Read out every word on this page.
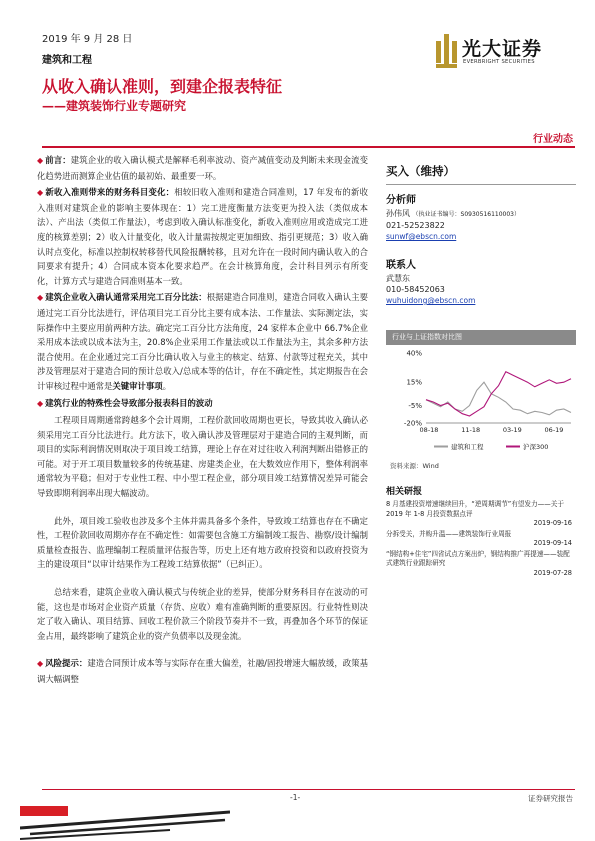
2019 年 9 月 28 日
建筑和工程
光大证券
EVERBRIGHT SECURITIES
从收入确认准则，到建企报表特征
——建筑装饰行业专题研究
行业动态

◆ 前言：建筑企业的收入确认模式是解释毛利率波动、资产减值变动及判断未来现金流变化趋势进而测算企业估值的最初始、最重要一环。

◆ 新收入准则带来的财务科目变化：相较旧收入准则和建造合同准则，17 年发布的新收入准则对建筑企业的影响主要体现在：1）完工进度衡量方法变更为投入法（类似成本法）、产出法（类似工作量法），考虑到收入确认标准变化，新收入准则应用或造成完工进度的核算差别；2）收入计量变化，收入计量需按规定更加细致、指引更规范；3）收入确认时点变化，标准以控制权转移替代风险报酬转移，且对允许在一段时间内确认收入的合同要求有提升；4）合同成本资本化要求趋严。在会计核算角度，会计科目列示有所变化，计算方式与建造合同准则基本一致。

◆ 建筑企业收入确认通常采用完工百分比法：根据建造合同准则，建造合同收入确认主要通过完工百分比法进行，评估项目完工百分比主要有成本法、工作量法、实际测定法，实际操作中主要应用前两种方法。确定完工百分比方法角度，24 家样本企业中 66.7%企业采用成本法或以成本法为主，20.8%企业采用工作量法或以工作量法为主，其余多种方法混合使用。在企业通过完工百分比确认收入与业主的核定、结算、付款等过程充关，其中涉及管理层对于建造合同的预计总收入/总成本等的估计，存在不确定性，其定期报告在会计审核过程中通常是关键审计事项。

◆ 建筑行业的特殊性会导致部分报表科目的波动

工程项目周期通常跨越多个会计周期，工程价款回收周期也更长，导致其收入确认必须采用完工百分比法进行。此方法下，收入确认涉及管理层对于建造合同的主观判断，而项目的实际利润情况则取决于项目竣工结算，理论上存在对过往收入利润判断出错修正的可能。对于开工项目数量较多的传统基建、房建类企业，在大数效应作用下，整体利润率通常较为平稳；但对于专业性工程、中小型工程企业，部分项目竣工结算情况差异可能会导致即期利润率出现大幅波动。

此外，项目竣工验收也涉及多个主体并需具备多个条件，导致竣工结算也存在不确定性，工程价款回收周期亦存在不确定性：如需要包含施工方编制竣工报告、勘察/设计编制质量检查报告、监理编制工程质量评估报告等，历史上还有地方政府投资和以政府投资为主的建设项目“以审计结果作为工程竣工结算依据”（已纠正）。

总结来看，建筑企业收入确认模式与传统企业的差异，使部分财务科目存在波动的可能，这也是市场对企业资产质量（存货、应收）难有准确判断的重要原因。行业特性则决定了收入确认、项目结算、回收工程价款三个阶段节奏并不一致，再叠加各个环节的保证金占用，最终影响了建筑企业的资产负债率以及现金流。

◆ 风险提示：建造合同预计成本等与实际存在重大偏差，社融/固投增速大幅放缓，政策基调大幅调整

买入（维持）
分析师
孙伟风 （执业证书编号：S0930516110003）
021-52523822
sunwf@ebscn.com
联系人
武慧东
010-58452063
wuhuidong@ebscn.com
行业与上证指数对比图
40%
15%
-5%
-20%
08-18	11-18	03-19	06-19
建筑和工程	沪深300
资料来源：Wind
相关研报
8 月基建投资增速继续回升，“逆周期调节”有望发力——关于 2019 年 1-8 月投资数据点评
2019-09-16
分拆受关，并购升温——建筑装饰行业周报
2019-09-14
“钢结构+住宅”四省试点方案出炉，钢结构推广再提速——装配式建筑行业跟踪研究
2019-07-28
-1-	证券研究报告
